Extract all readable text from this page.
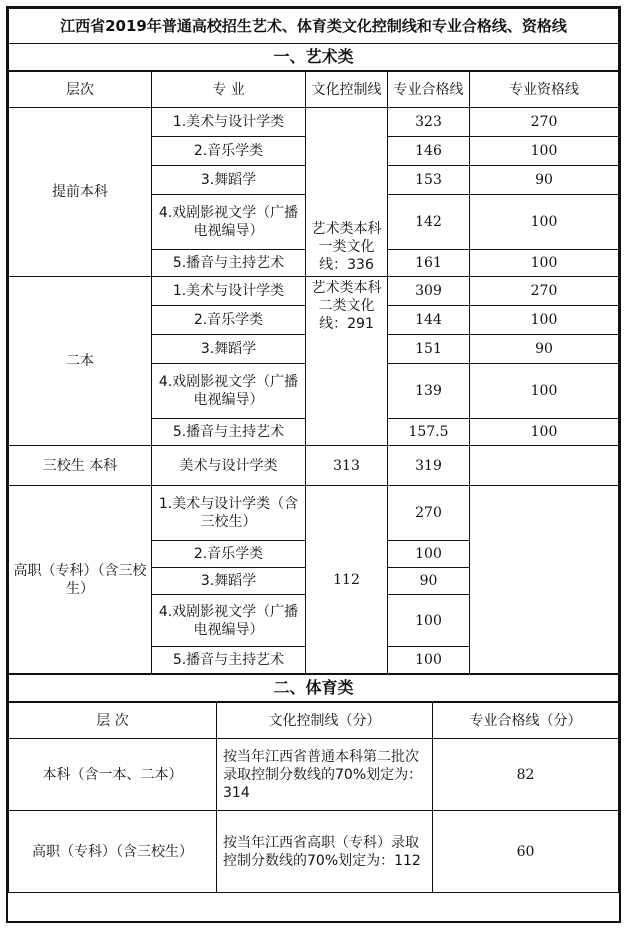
江西省2019年普通高校招生艺术、体育类文化控制线和专业合格线、资格线
一、艺术类
层次	专 业	文化控制线	专业合格线	专业资格线
提前本科	1.美术与设计学类	艺术类本科一类文化线：336	323	270
	2.音乐学类		146	100
	3.舞蹈学		153	90
	4.戏剧影视文学（广播电视编导）		142	100
	5.播音与主持艺术		161	100
二本	1.美术与设计学类	艺术类本科二类文化线：291	309	270
	2.音乐学类		144	100
	3.舞蹈学		151	90
	4.戏剧影视文学（广播电视编导）		139	100
	5.播音与主持艺术		157.5	100
三校生 本科	美术与设计学类	313	319	
高职（专科）（含三校生）	1.美术与设计学类（含三校生）	112	270	
	2.音乐学类		100	
	3.舞蹈学		90	
	4.戏剧影视文学（广播电视编导）		100	
	5.播音与主持艺术		100	
二、体育类
层 次	文化控制线（分）	专业合格线（分）
本科（含一本、二本）	按当年江西省普通本科第二批次录取控制分数线的70%划定为：314	82
高职（专科）（含三校生）	按当年江西省高职（专科）录取控制分数线的70%划定为：112	60
